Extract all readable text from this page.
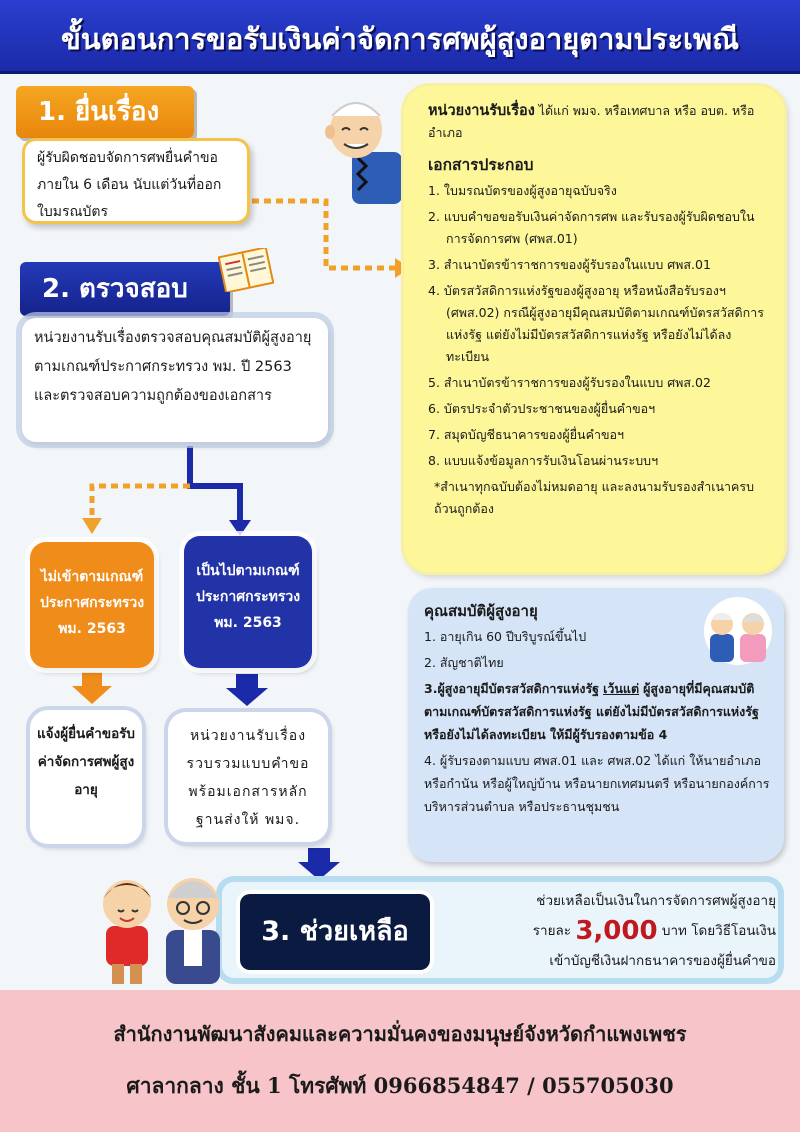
ขั้นตอนการขอรับเงินค่าจัดการศพผู้สูงอายุตามประเพณี
1. ยื่นเรื่อง
ผู้รับผิดชอบจัดการศพยื่นคำขอ ภายใน 6 เดือน นับแต่วันที่ออกใบมรณบัตร
2. ตรวจสอบ
หน่วยงานรับเรื่องตรวจสอบคุณสมบัติผู้สูงอายุ ตามเกณฑ์ประกาศกระทรวง พม. ปี 2563 และตรวจสอบความถูกต้องของเอกสาร
หน่วยงานรับเรื่อง ได้แก่ พมจ. หรือเทศบาล หรือ อบต. หรืออำเภอ
เอกสารประกอบ
1. ใบมรณบัตรของผู้สูงอายุฉบับจริง
2. แบบคำขอขอรับเงินค่าจัดการศพ และรับรองผู้รับผิดชอบในการจัดการศพ (ศพส.01)
3. สำเนาบัตรข้าราชการของผู้รับรองในแบบ ศพส.01
4. บัตรสวัสดิการแห่งรัฐของผู้สูงอายุ หรือหนังสือรับรองฯ (ศพส.02) กรณีผู้สูงอายุมีคุณสมบัติตามเกณฑ์บัตรสวัสดิการแห่งรัฐ แต่ยังไม่มีบัตรสวัสดิการแห่งรัฐ หรือยังไม่ได้ลงทะเบียน
5. สำเนาบัตรข้าราชการของผู้รับรองในแบบ ศพส.02
6. บัตรประจำตัวประชาชนของผู้ยื่นคำขอฯ
7. สมุดบัญชีธนาคารของผู้ยื่นคำขอฯ
8. แบบแจ้งข้อมูลการรับเงินโอนผ่านระบบฯ
*สำเนาทุกฉบับต้องไม่หมดอายุ และลงนามรับรองสำเนาครบถ้วนถูกต้อง
ไม่เข้าตามเกณฑ์ประกาศกระทรวง พม. 2563
เป็นไปตามเกณฑ์ประกาศกระทรวง พม. 2563
คุณสมบัติผู้สูงอายุ
1. อายุเกิน 60 ปีบริบูรณ์ขึ้นไป
2. สัญชาติไทย
3.ผู้สูงอายุมีบัตรสวัสดิการแห่งรัฐ เว้นแต่ ผู้สูงอายุที่มีคุณสมบัติตามเกณฑ์บัตรสวัสดิการแห่งรัฐ แต่ยังไม่มีบัตรสวัสดิการแห่งรัฐ หรือยังไม่ได้ลงทะเบียน ให้มีผู้รับรองตามข้อ 4
4. ผู้รับรองตามแบบ ศพส.01 และ ศพส.02 ได้แก่ ให้นายอำเภอ หรือกำนัน หรือผู้ใหญ่บ้าน หรือนายกเทศมนตรี หรือนายกองค์การบริหารส่วนตำบล หรือประธานชุมชน
แจ้งผู้ยื่นคำขอรับค่าจัดการศพผู้สูงอายุ
หน่วยงานรับเรื่องรวบรวมแบบคำขอพร้อมเอกสารหลักฐานส่งให้ พมจ.
3. ช่วยเหลือ
ช่วยเหลือเป็นเงินในการจัดการศพผู้สูงอายุ
รายละ 3,000 บาท โดยวิธีโอนเงิน
เข้าบัญชีเงินฝากธนาคารของผู้ยื่นคำขอ
สำนักงานพัฒนาสังคมและความมั่นคงของมนุษย์จังหวัดกำแพงเพชร
ศาลากลาง ชั้น 1 โทรศัพท์ 0966854847 / 055705030
